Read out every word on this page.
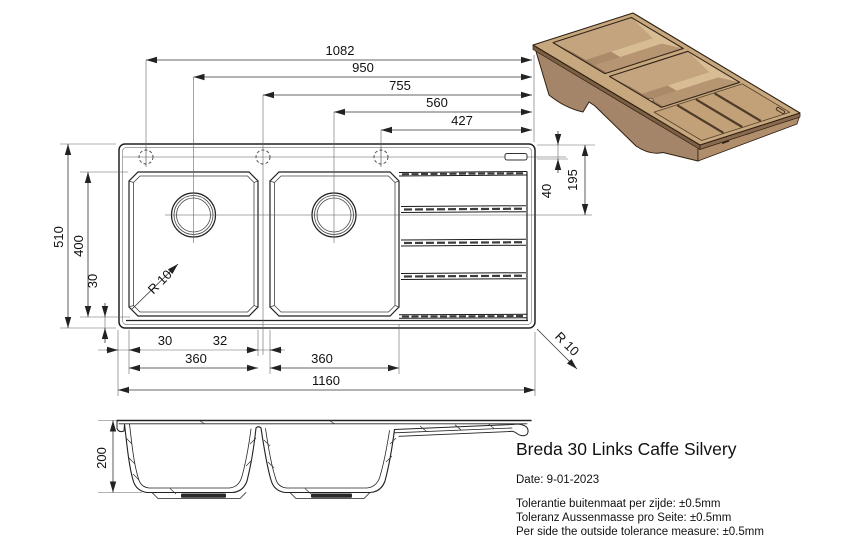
R 10
R 10
1082
950
755
560
427
510 400
30
40
195
30	32
360	360
1160
200	Breda 30 Links Caffe Silvery
Date: 9-01-2023
Tolerantie buitenmaat per zijde: ±0.5mm
Toleranz Aussenmasse pro Seite: ±0.5mm
Per side the outside tolerance measure: ±0.5mm
